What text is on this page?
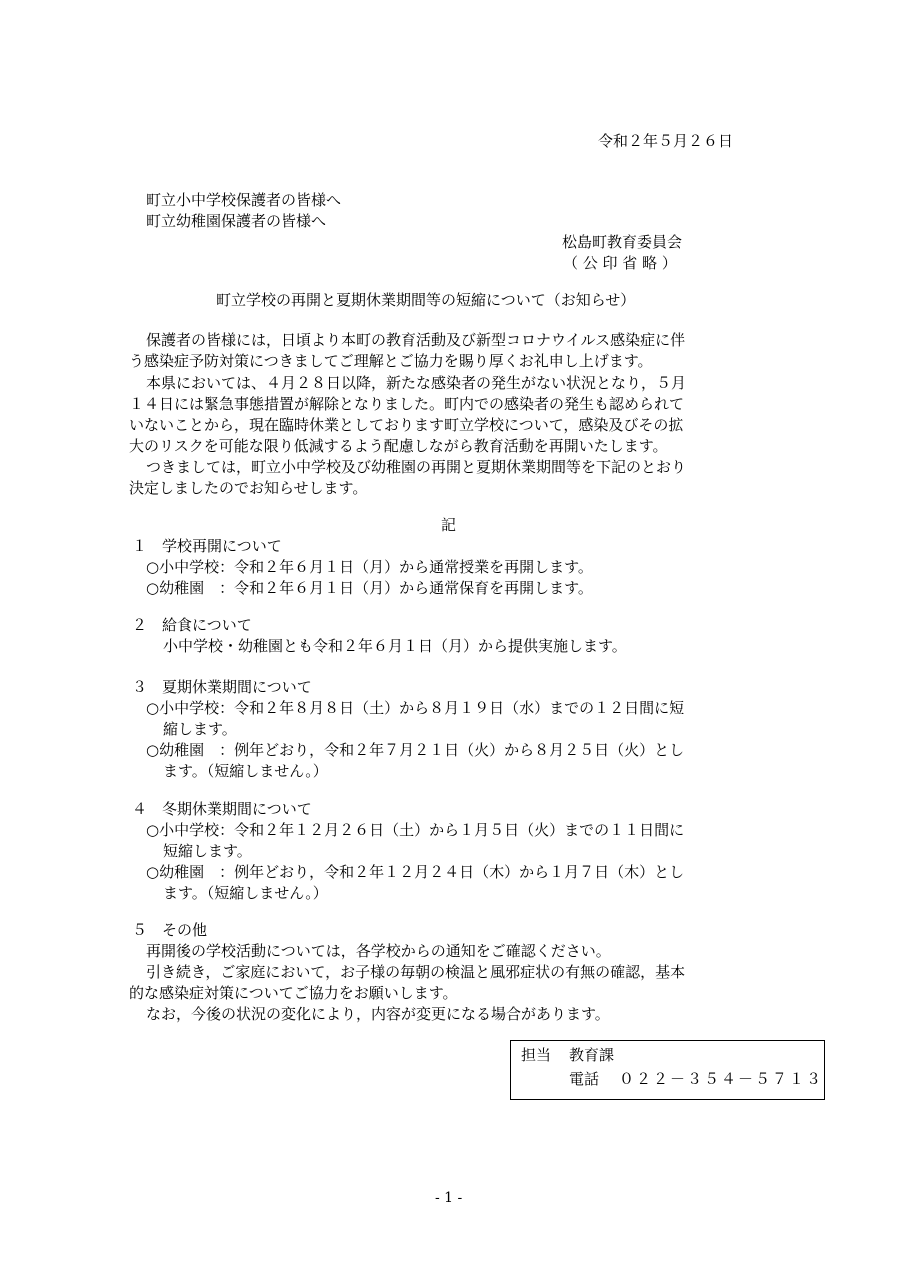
令和２年５月２６日
町立小中学校保護者の皆様へ
町立幼稚園保護者の皆様へ
松島町教育委員会
（ 公 印 省 略 ）
町立学校の再開と夏期休業期間等の短縮について（お知らせ）
保護者の皆様には，日頃より本町の教育活動及び新型コロナウイルス感染症に伴
う感染症予防対策につきましてご理解とご協力を賜り厚くお礼申し上げます。
本県においては、４月２８日以降，新たな感染者の発生がない状況となり，５月
１４日には緊急事態措置が解除となりました。町内での感染者の発生も認められて
いないことから，現在臨時休業としております町立学校について，感染及びその拡
大のリスクを可能な限り低減するよう配慮しながら教育活動を再開いたします。
つきましては，町立小中学校及び幼稚園の再開と夏期休業期間等を下記のとおり
決定しましたのでお知らせします。
記
１　学校再開について
○小中学校：令和２年６月１日（月）から通常授業を再開します。
○幼稚園　：令和２年６月１日（月）から通常保育を再開します。
２　給食について
小中学校・幼稚園とも令和２年６月１日（月）から提供実施します。
３　夏期休業期間について
○小中学校：令和２年８月８日（土）から８月１９日（水）までの１２日間に短
縮します。
○幼稚園　：例年どおり，令和２年７月２１日（火）から８月２５日（火）とし
ます。（短縮しません。）
４　冬期休業期間について
○小中学校：令和２年１２月２６日（土）から１月５日（火）までの１１日間に
短縮します。
○幼稚園　：例年どおり，令和２年１２月２４日（木）から１月７日（木）とし
ます。（短縮しません。）
５　その他
再開後の学校活動については，各学校からの通知をご確認ください。
引き続き，ご家庭において，お子様の毎朝の検温と風邪症状の有無の確認，基本
的な感染症対策についてご協力をお願いします。
なお，今後の状況の変化により，内容が変更になる場合があります。
担当 教育課
電話 ０２２－３５４－５７１３
- 1 -
